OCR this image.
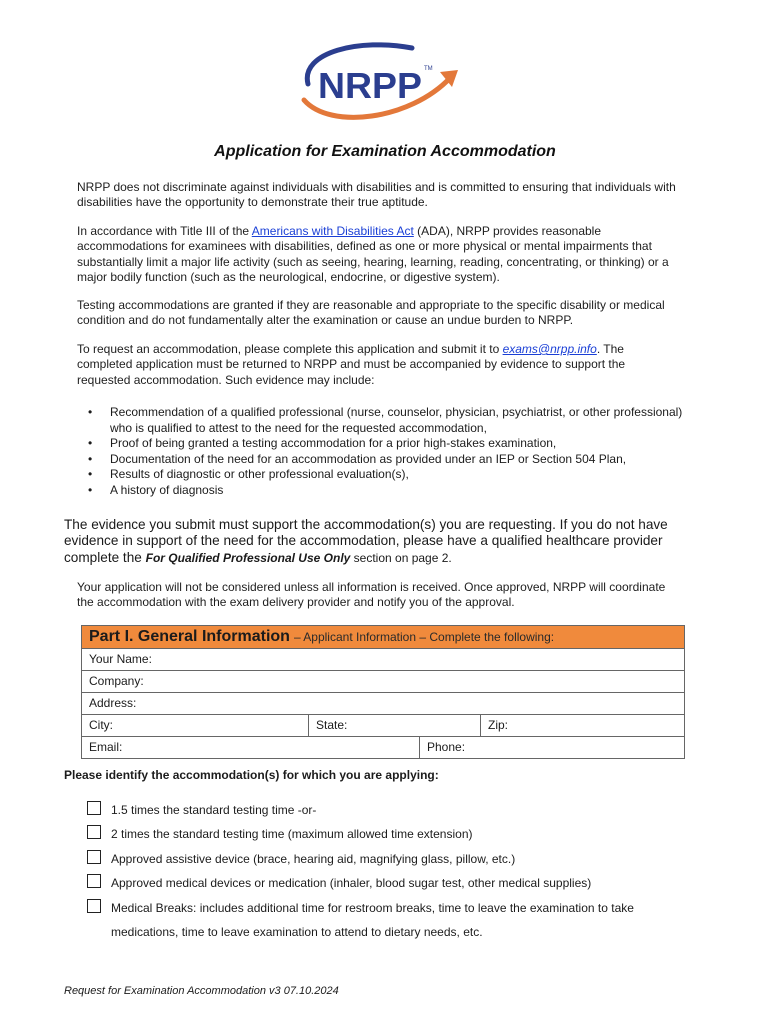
NRPP TM
Application for Examination Accommodation
NRPP does not discriminate against individuals with disabilities and is committed to ensuring that individuals with disabilities have the opportunity to demonstrate their true aptitude.
In accordance with Title III of the Americans with Disabilities Act (ADA), NRPP provides reasonable accommodations for examinees with disabilities, defined as one or more physical or mental impairments that substantially limit a major life activity (such as seeing, hearing, learning, reading, concentrating, or thinking) or a major bodily function (such as the neurological, endocrine, or digestive system).
Testing accommodations are granted if they are reasonable and appropriate to the specific disability or medical condition and do not fundamentally alter the examination or cause an undue burden to NRPP.
To request an accommodation, please complete this application and submit it to exams@nrpp.info. The completed application must be returned to NRPP and must be accompanied by evidence to support the requested accommodation. Such evidence may include:
• Recommendation of a qualified professional (nurse, counselor, physician, psychiatrist, or other professional) who is qualified to attest to the need for the requested accommodation,
• Proof of being granted a testing accommodation for a prior high-stakes examination,
• Documentation of the need for an accommodation as provided under an IEP or Section 504 Plan,
• Results of diagnostic or other professional evaluation(s),
• A history of diagnosis
The evidence you submit must support the accommodation(s) you are requesting. If you do not have evidence in support of the need for the accommodation, please have a qualified healthcare provider complete the For Qualified Professional Use Only section on page 2.
Your application will not be considered unless all information is received. Once approved, NRPP will coordinate the accommodation with the exam delivery provider and notify you of the approval.
Part I. General Information – Applicant Information – Complete the following:
Your Name:
Company:
Address:
City:	State:	Zip:
Email:	Phone:
Please identify the accommodation(s) for which you are applying:
1.5 times the standard testing time -or-
2 times the standard testing time (maximum allowed time extension)
Approved assistive device (brace, hearing aid, magnifying glass, pillow, etc.)
Approved medical devices or medication (inhaler, blood sugar test, other medical supplies)
Medical Breaks: includes additional time for restroom breaks, time to leave the examination to take
medications, time to leave examination to attend to dietary needs, etc.
Request for Examination Accommodation v3 07.10.2024
